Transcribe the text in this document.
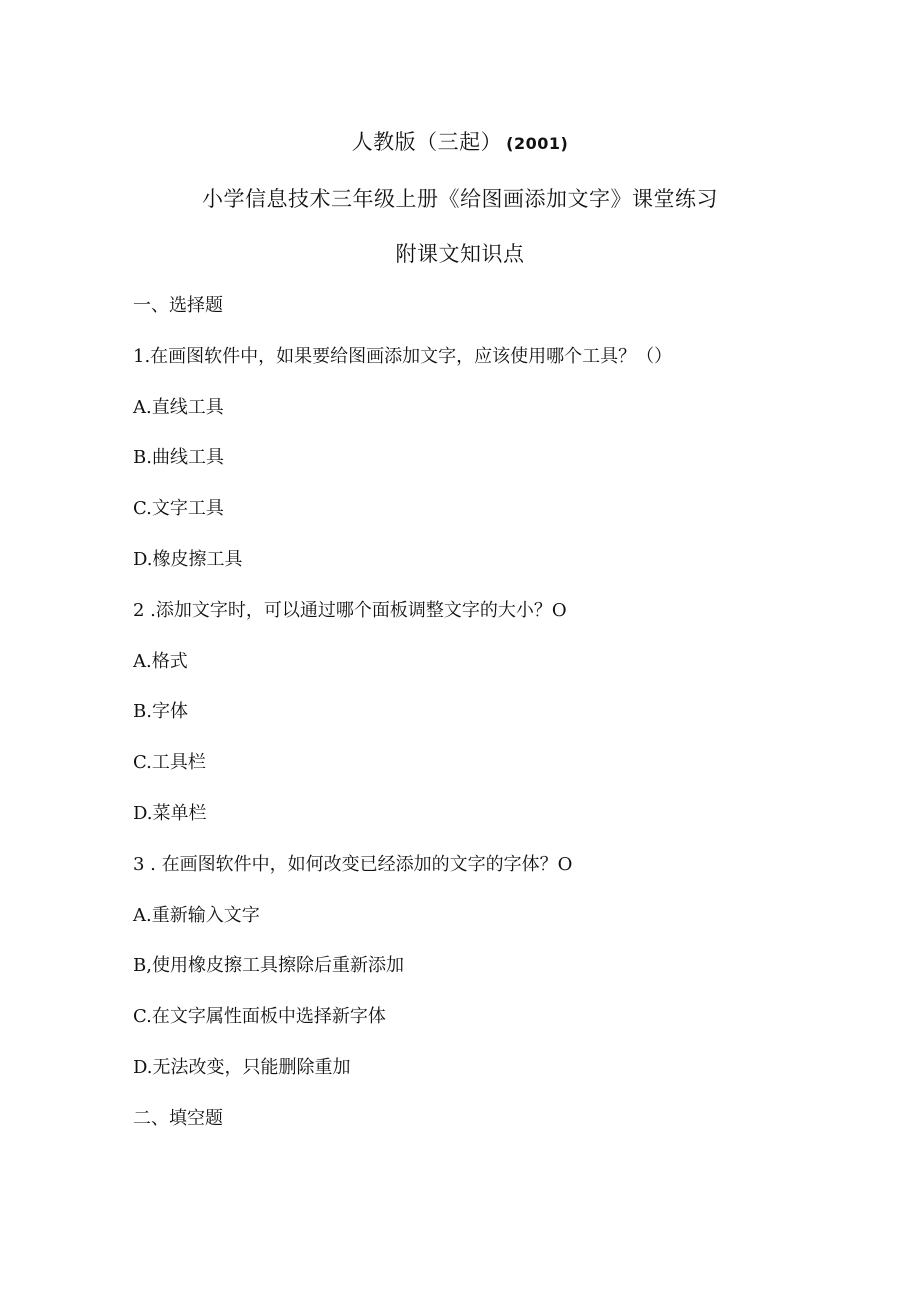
人教版（三起） (2001)
小学信息技术三年级上册《给图画添加文字》课堂练习
附课文知识点
一、选择题
1.在画图软件中，如果要给图画添加文字，应该使用哪个工具？（）
A.直线工具
B.曲线工具
C.文字工具
D.橡皮擦工具
2 .添加文字时，可以通过哪个面板调整文字的大小？O
A.格式
B.字体
C.工具栏
D.菜单栏
3 . 在画图软件中，如何改变已经添加的文字的字体？O
A.重新输入文字
B,使用橡皮擦工具擦除后重新添加
C.在文字属性面板中选择新字体
D.无法改变，只能删除重加
二、填空题
